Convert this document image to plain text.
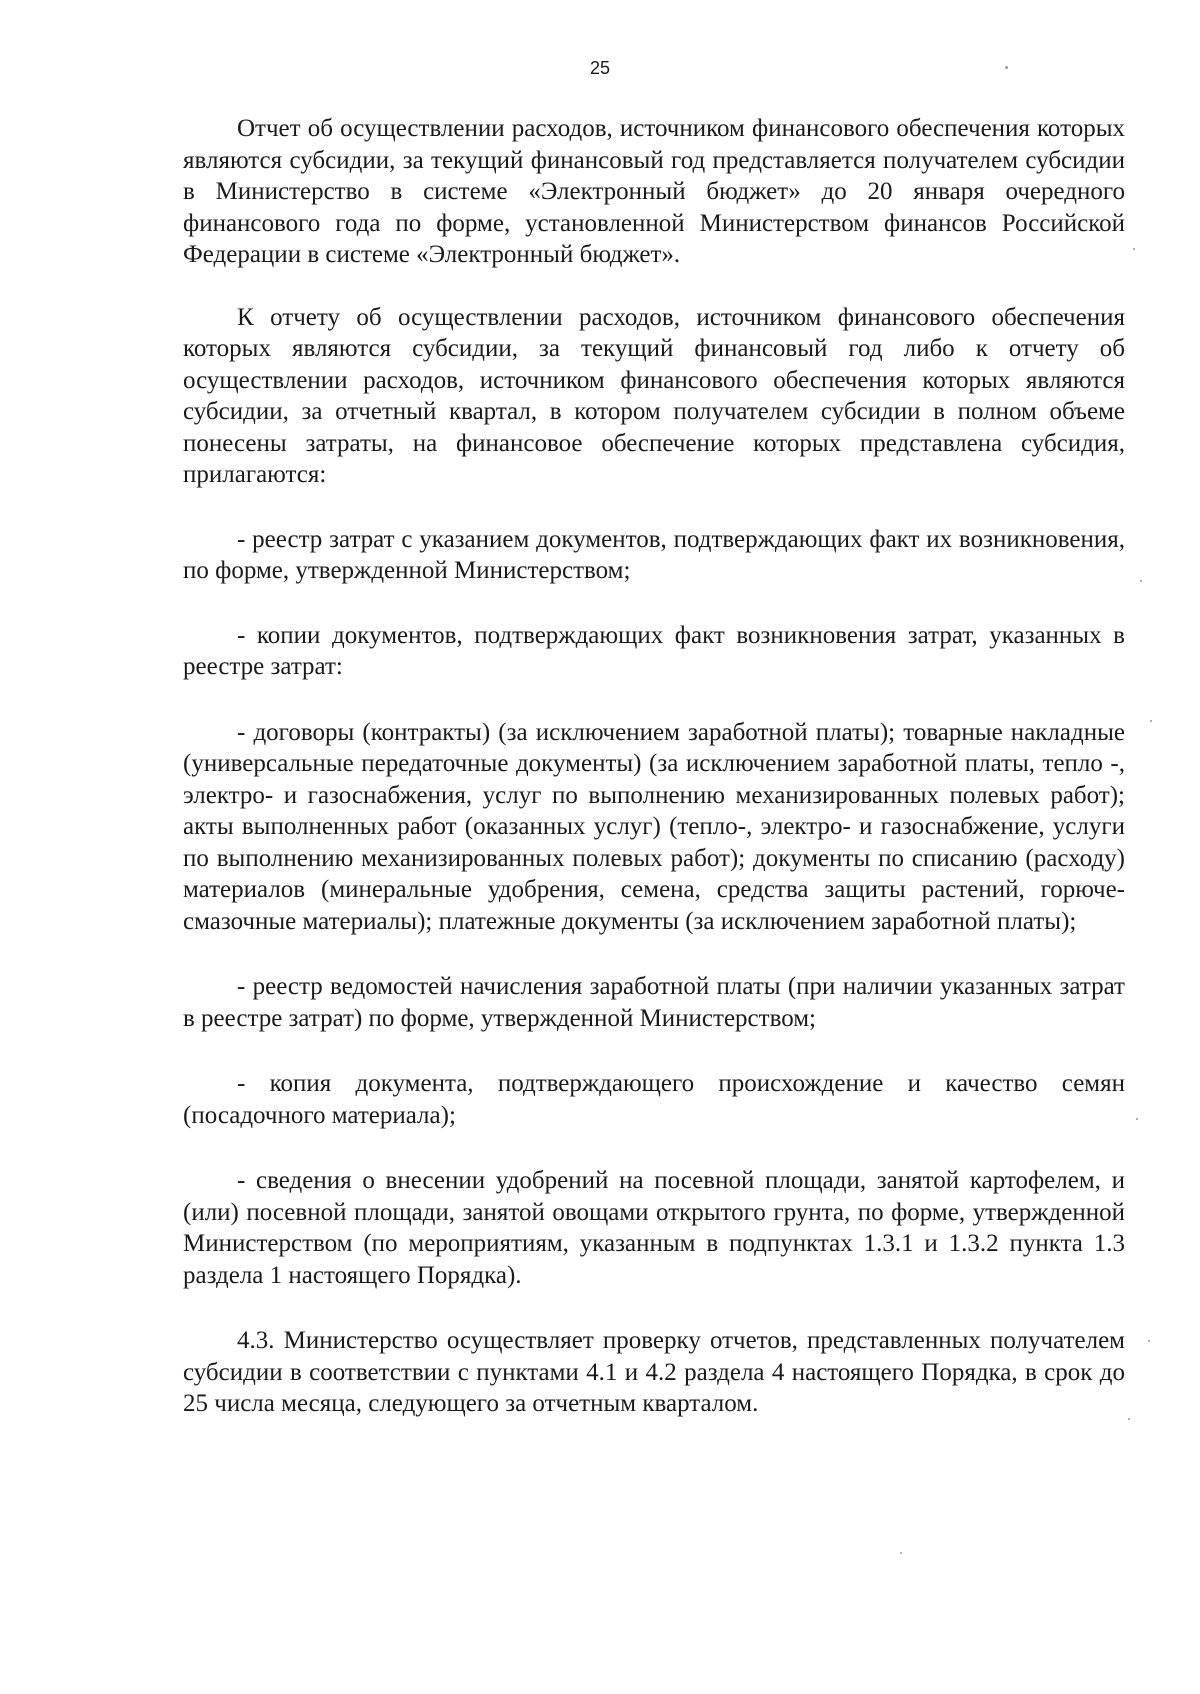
25

Отчет об осуществлении расходов, источником финансового обеспечения которых являются субсидии, за текущий финансовый год представляется получателем субсидии в Министерство в системе «Электронный бюджет» до 20 января очередного финансового года по форме, установленной Министерством финансов Российской Федерации в системе «Электронный бюджет».

К отчету об осуществлении расходов, источником финансового обеспечения которых являются субсидии, за текущий финансовый год либо к отчету об осуществлении расходов, источником финансового обеспечения которых являются субсидии, за отчетный квартал, в котором получателем субсидии в полном объеме понесены затраты, на финансовое обеспечение которых представлена субсидия, прилагаются:

- реестр затрат с указанием документов, подтверждающих факт их возникновения, по форме, утвержденной Министерством;

- копии документов, подтверждающих факт возникновения затрат, указанных в реестре затрат:

- договоры (контракты) (за исключением заработной платы); товарные накладные (универсальные передаточные документы) (за исключением заработной платы, тепло -, электро- и газоснабжения, услуг по выполнению механизированных полевых работ); акты выполненных работ (оказанных услуг) (тепло-, электро- и газоснабжение, услуги по выполнению механизированных полевых работ); документы по списанию (расходу) материалов (минеральные удобрения, семена, средства защиты растений, горюче-смазочные материалы); платежные документы (за исключением заработной платы);

- реестр ведомостей начисления заработной платы (при наличии указанных затрат в реестре затрат) по форме, утвержденной Министерством;

- копия документа, подтверждающего происхождение и качество семян (посадочного материала);

- сведения о внесении удобрений на посевной площади, занятой картофелем, и (или) посевной площади, занятой овощами открытого грунта, по форме, утвержденной Министерством (по мероприятиям, указанным в подпунктах 1.3.1 и 1.3.2 пункта 1.3 раздела 1 настоящего Порядка).

4.3. Министерство осуществляет проверку отчетов, представленных получателем субсидии в соответствии с пунктами 4.1 и 4.2 раздела 4 настоящего Порядка, в срок до 25 числа месяца, следующего за отчетным кварталом.
